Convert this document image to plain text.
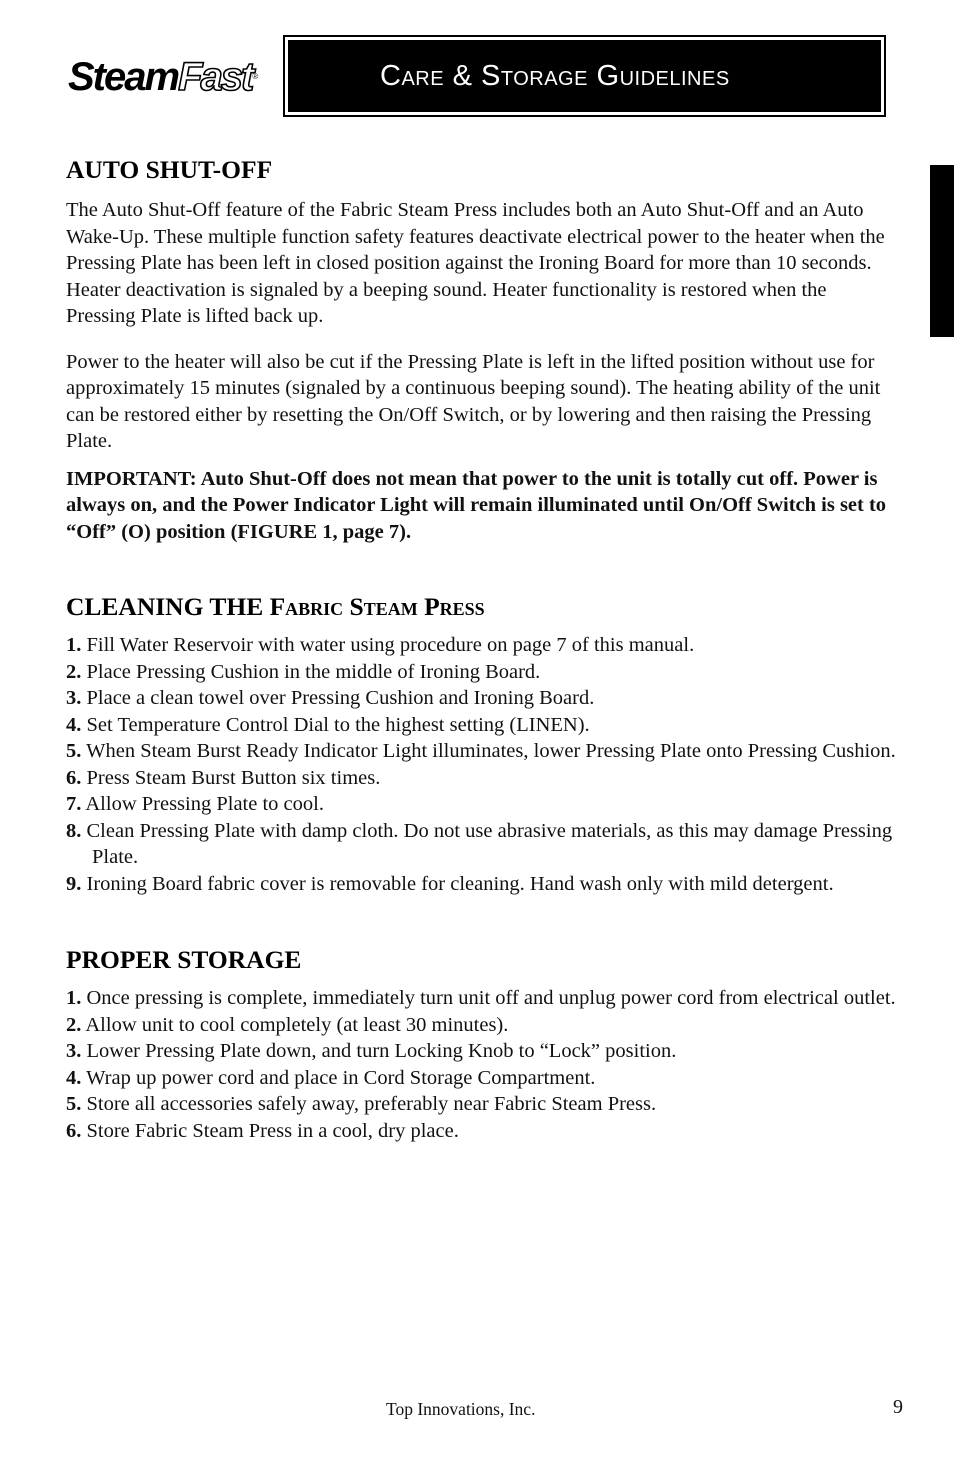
SteamFast®	Care & Storage Guidelines
AUTO SHUT-OFF

The Auto Shut-Off feature of the Fabric Steam Press includes both an Auto Shut-Off and an Auto Wake-Up. These multiple function safety features deactivate electrical power to the heater when the Pressing Plate has been left in closed position against the Ironing Board for more than 10 seconds. Heater deactivation is signaled by a beeping sound. Heater functionality is restored when the Pressing Plate is lifted back up.

Power to the heater will also be cut if the Pressing Plate is left in the lifted position without use for approximately 15 minutes (signaled by a continuous beeping sound). The heating ability of the unit can be restored either by resetting the On/Off Switch, or by lowering and then raising the Pressing Plate.

IMPORTANT: Auto Shut-Off does not mean that power to the unit is totally cut off. Power is always on, and the Power Indicator Light will remain illuminated until On/Off Switch is set to “Off” (O) position (FIGURE 1, page 7).

CLEANING THE Fabric Steam Press
1. Fill Water Reservoir with water using procedure on page 7 of this manual.
2. Place Pressing Cushion in the middle of Ironing Board.
3. Place a clean towel over Pressing Cushion and Ironing Board.
4. Set Temperature Control Dial to the highest setting (LINEN).
5. When Steam Burst Ready Indicator Light illuminates, lower Pressing Plate onto Pressing Cushion.
6. Press Steam Burst Button six times.
7. Allow Pressing Plate to cool.
8. Clean Pressing Plate with damp cloth. Do not use abrasive materials, as this may damage Pressing Plate.
9. Ironing Board fabric cover is removable for cleaning. Hand wash only with mild detergent.
PROPER STORAGE
1. Once pressing is complete, immediately turn unit off and unplug power cord from electrical outlet.
2. Allow unit to cool completely (at least 30 minutes).
3. Lower Pressing Plate down, and turn Locking Knob to “Lock” position.
4. Wrap up power cord and place in Cord Storage Compartment.
5. Store all accessories safely away, preferably near Fabric Steam Press.
6. Store Fabric Steam Press in a cool, dry place.
Top Innovations, Inc.	9
